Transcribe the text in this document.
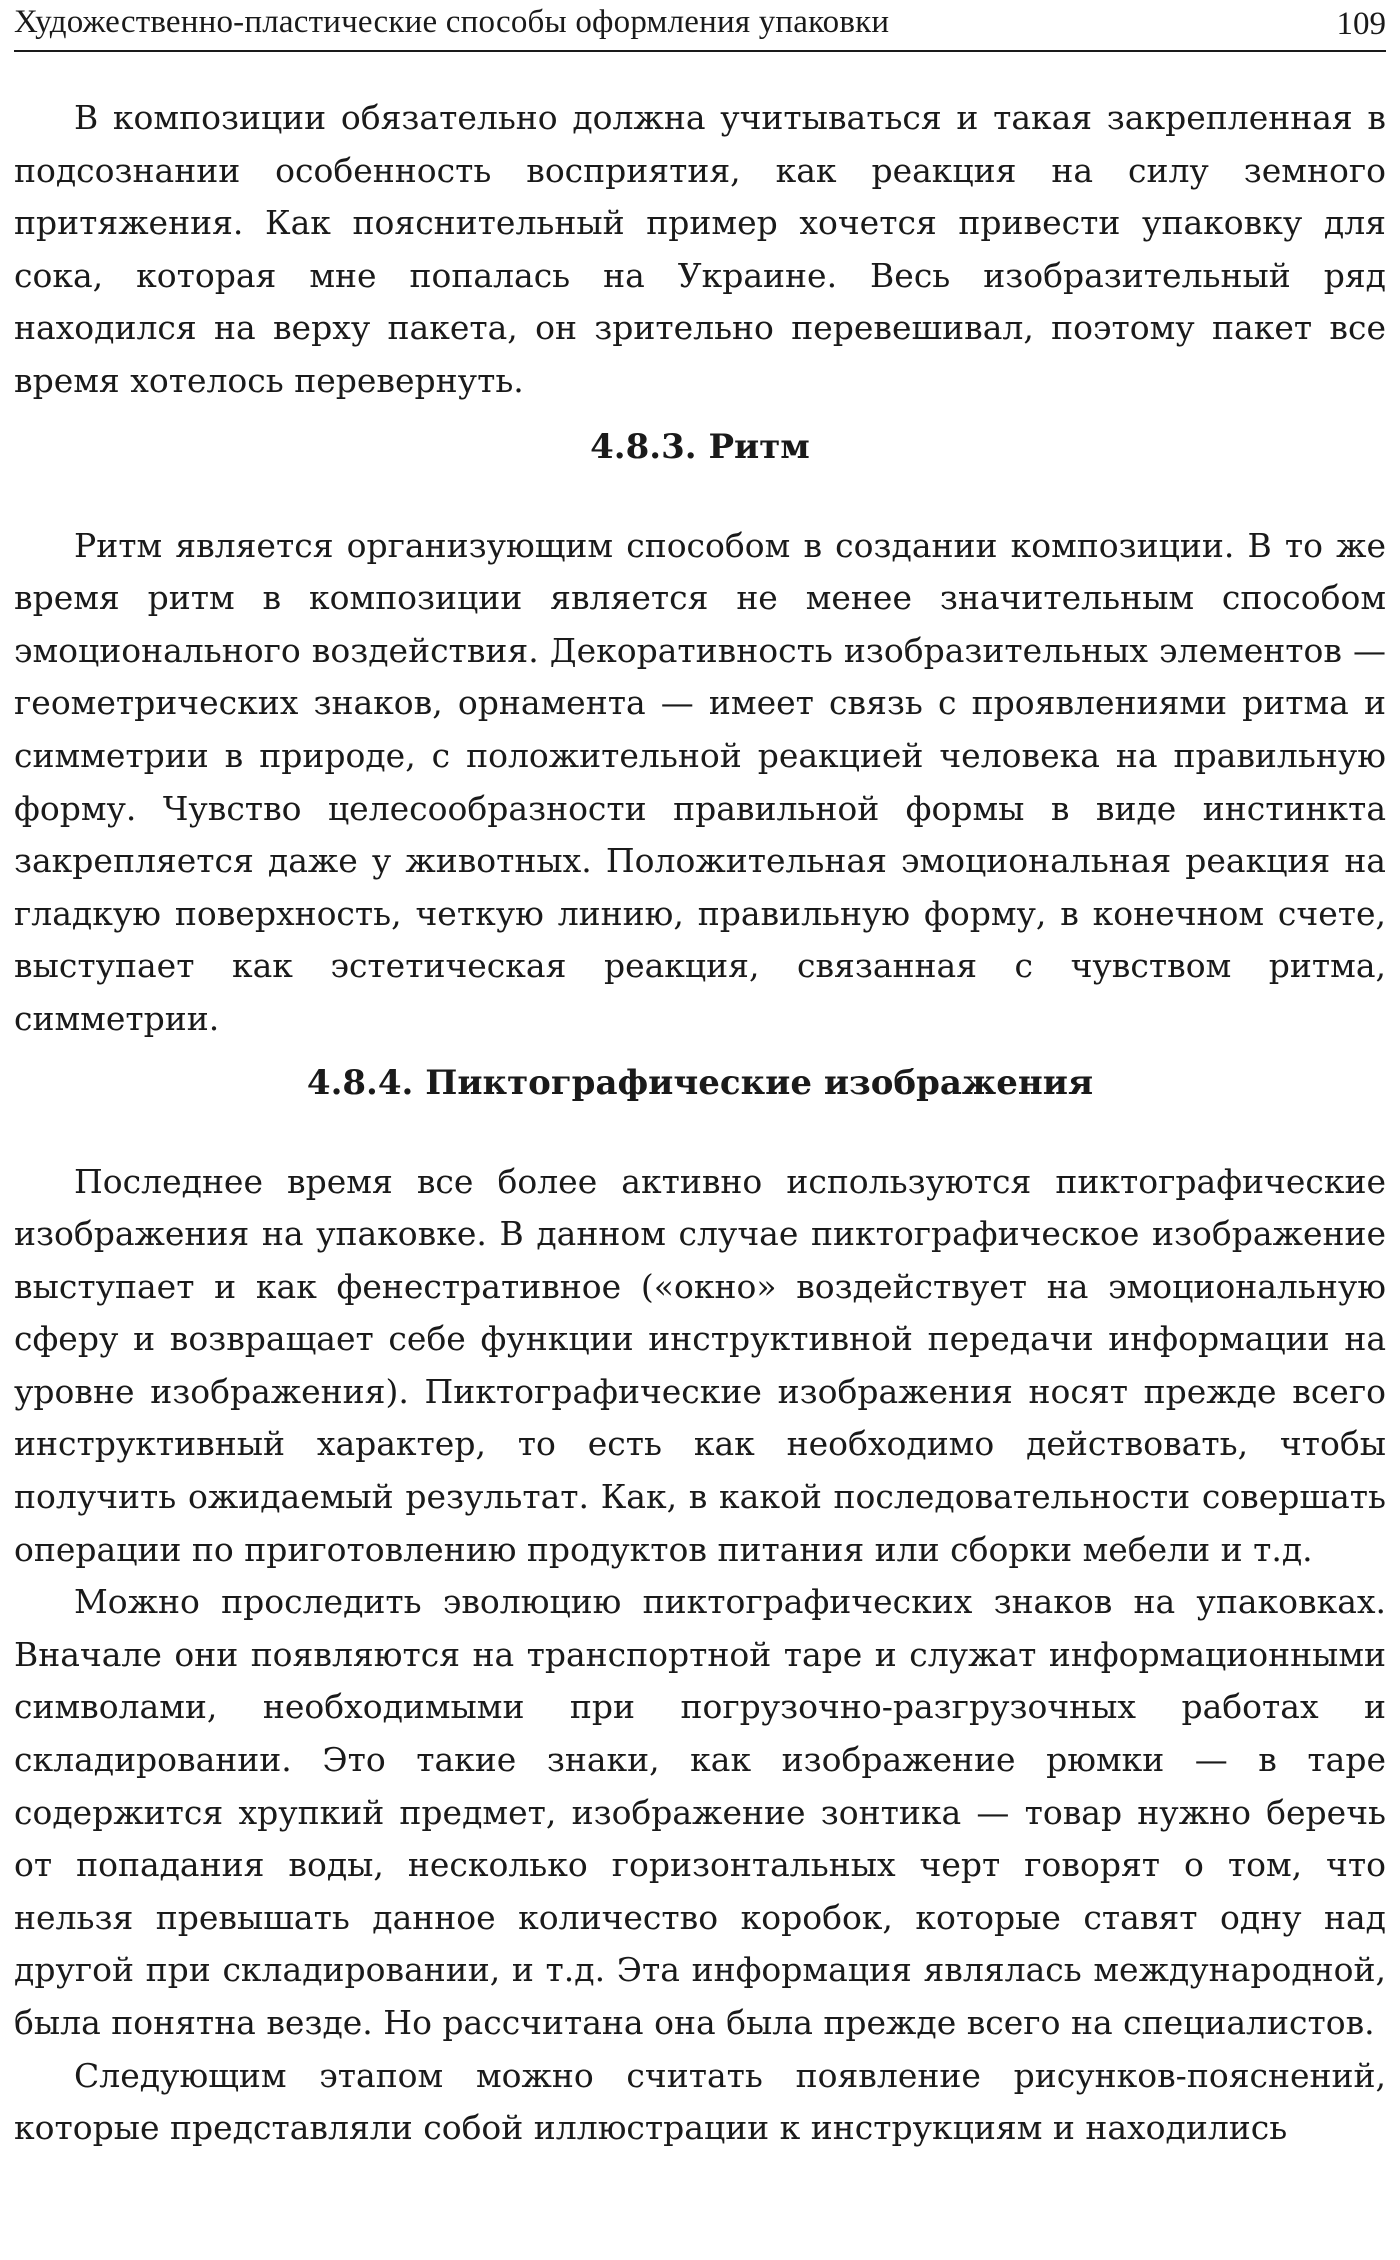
Художественно-пластические способы оформления упаковки	109

В композиции обязательно должна учитываться и такая закрепленная в подсознании особенность восприятия, как реакция на силу земного притяжения. Как пояснительный пример хочется привести упаковку для сока, которая мне попалась на Украине. Весь изобразительный ряд находился на верху пакета, он зрительно перевешивал, поэтому пакет все время хотелось перевернуть.

4.8.3. Ритм

Ритм является организующим способом в создании композиции. В то же время ритм в композиции является не менее значительным способом эмоционального воздействия. Декоративность изобразительных элементов — геометрических знаков, орнамента — имеет связь с проявлениями ритма и симметрии в природе, с положительной реакцией человека на правильную форму. Чувство целесообразности правильной формы в виде инстинкта закрепляется даже у животных. Положительная эмоциональная реакция на гладкую поверхность, четкую линию, правильную форму, в конечном счете, выступает как эстетическая реакция, связанная с чувством ритма, симметрии.

4.8.4. Пиктографические изображения

Последнее время все более активно используются пиктографические изображения на упаковке. В данном случае пиктографическое изображение выступает и как фенестративное («окно» воздействует на эмоциональную сферу и возвращает себе функции инструктивной передачи информации на уровне изображения). Пиктографические изображения носят прежде всего инструктивный характер, то есть как необходимо действовать, чтобы получить ожидаемый результат. Как, в какой последовательности совершать операции по приготовлению продуктов питания или сборки мебели и т.д.

Можно проследить эволюцию пиктографических знаков на упаковках. Вначале они появляются на транспортной таре и служат информационными символами, необходимыми при погрузочно-разгрузочных работах и складировании. Это такие знаки, как изображение рюмки — в таре содержится хрупкий предмет, изображение зонтика — товар нужно беречь от попадания воды, несколько горизонтальных черт говорят о том, что нельзя превышать данное количество коробок, которые ставят одну над другой при складировании, и т.д. Эта информация являлась международной, была понятна везде. Но рассчитана она была прежде всего на специалистов.

Следующим этапом можно считать появление рисунков-пояснений, которые представляли собой иллюстрации к инструкциям и находились
